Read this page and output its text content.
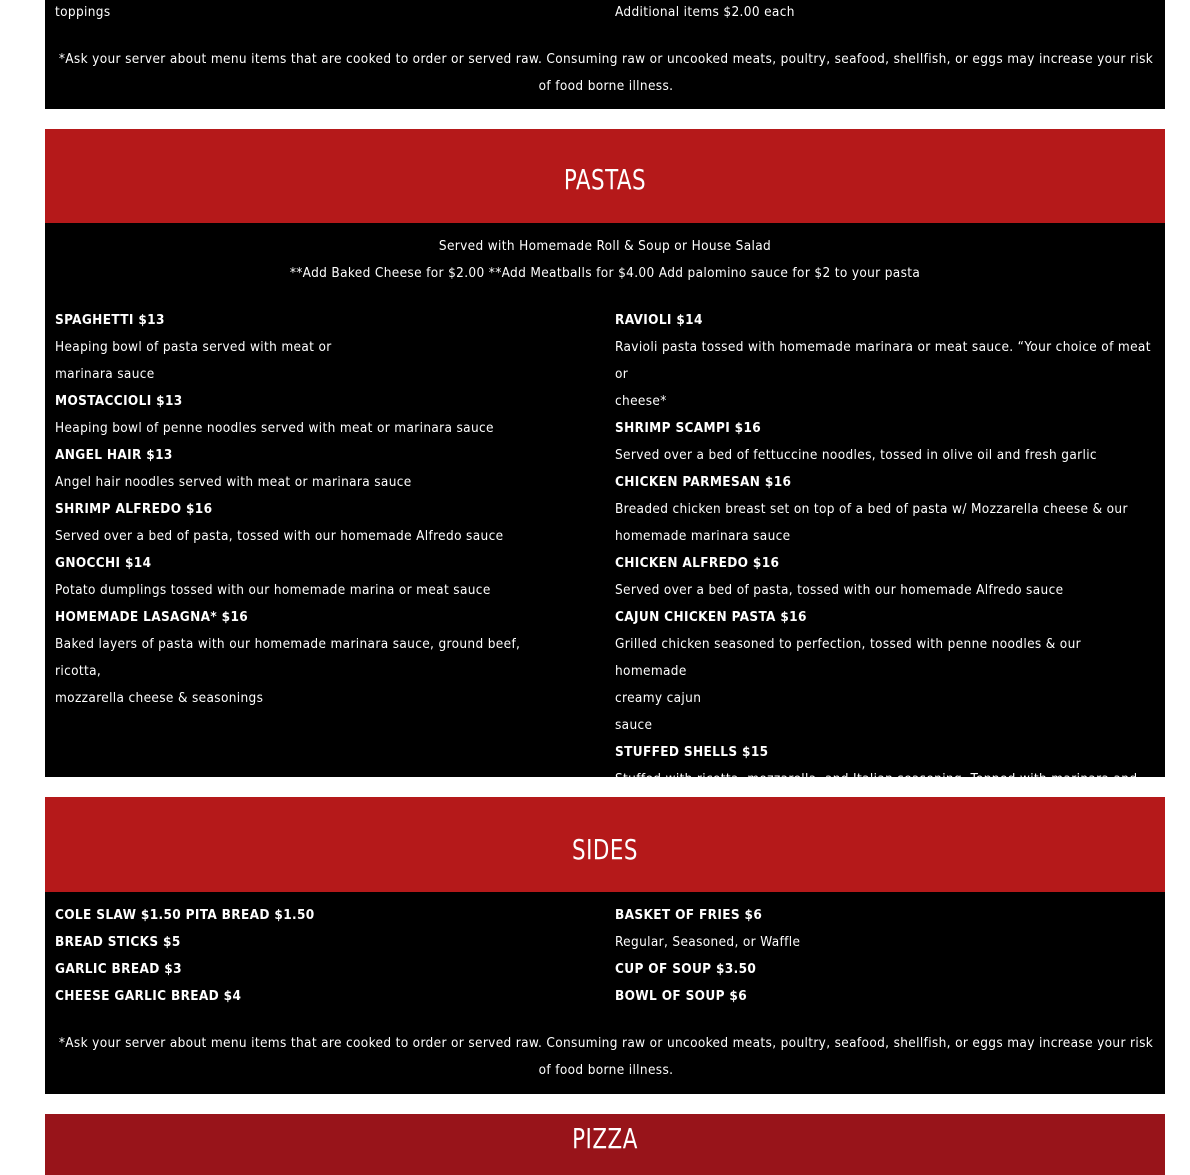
toppings	Additional items $2.00 each
*Ask your server about menu items that are cooked to order or served raw. Consuming raw or uncooked meats, poultry, seafood, shellfish, or eggs may increase your risk of food borne illness.
PASTAS
Served with Homemade Roll & Soup or House Salad
**Add Baked Cheese for $2.00 **Add Meatballs for $4.00 Add palomino sauce for $2 to your pasta
SPAGHETTI $13
Heaping bowl of pasta served with meat or
marinara sauce
MOSTACCIOLI $13
Heaping bowl of penne noodles served with meat or marinara sauce
ANGEL HAIR $13
Angel hair noodles served with meat or marinara sauce
SHRIMP ALFREDO $16
Served over a bed of pasta, tossed with our homemade Alfredo sauce
GNOCCHI $14
Potato dumplings tossed with our homemade marina or meat sauce
HOMEMADE LASAGNA* $16
Baked layers of pasta with our homemade marinara sauce, ground beef, ricotta,
mozzarella cheese & seasonings
RAVIOLI $14
Ravioli pasta tossed with homemade marinara or meat sauce. “Your choice of meat or
cheese*
SHRIMP SCAMPI $16
Served over a bed of fettuccine noodles, tossed in olive oil and fresh garlic
CHICKEN PARMESAN $16
Breaded chicken breast set on top of a bed of pasta w/ Mozzarella cheese & our
homemade marinara sauce
CHICKEN ALFREDO $16
Served over a bed of pasta, tossed with our homemade Alfredo sauce
CAJUN CHICKEN PASTA $16
Grilled chicken seasoned to perfection, tossed with penne noodles & our homemade
creamy cajun
sauce
STUFFED SHELLS $15
Stuffed with ricotta, mozzarella, and Italian seasoning. Topped with marinara and
SIDES
COLE SLAW $1.50 PITA BREAD $1.50
BREAD STICKS $5
GARLIC BREAD $3
CHEESE GARLIC BREAD $4
BASKET OF FRIES $6
Regular, Seasoned, or Waffle
CUP OF SOUP $3.50
BOWL OF SOUP $6
*Ask your server about menu items that are cooked to order or served raw. Consuming raw or uncooked meats, poultry, seafood, shellfish, or eggs may increase your risk of food borne illness.
PIZZA
